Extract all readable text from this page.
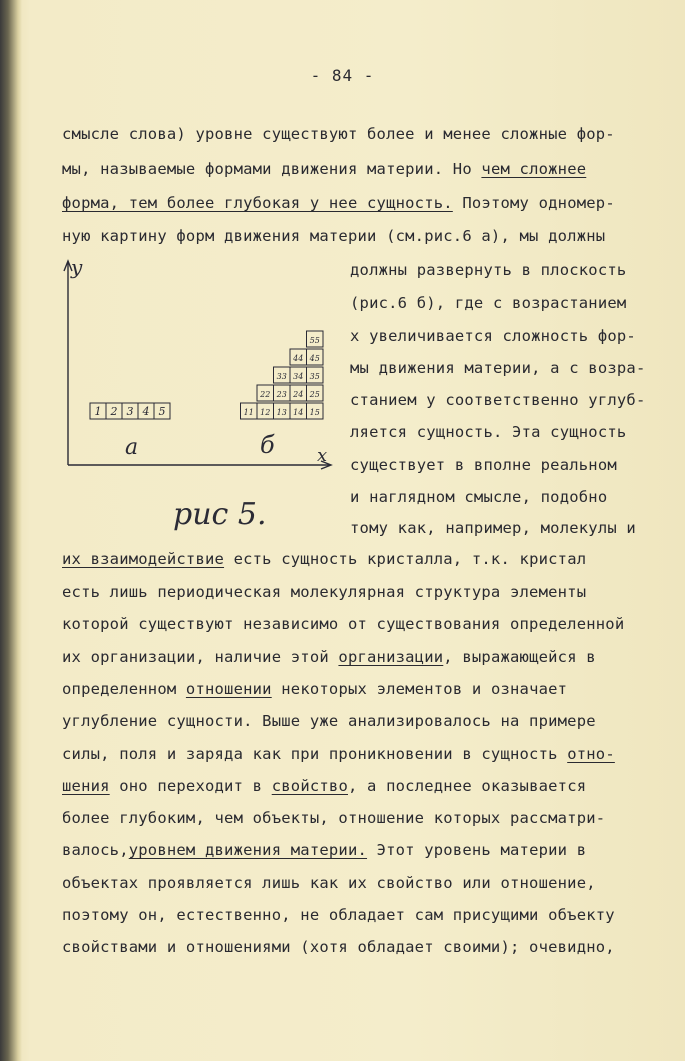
- 84 -
смысле слова) уровне существуют более и менее сложные фор-
мы, называемые формами движения материи. Но чем сложнее
форма, тем более глубокая у нее сущность. Поэтому одномер-
ную картину форм движения материи (см.рис.6 а), мы должны
должны развернуть в плоскость
(рис.6 б), где с возрастанием
х увеличивается сложность фор-
мы движения материи, а с возра-
станием у соответственно углуб-
ляется сущность. Эта сущность
существует в вполне реальном
и наглядном смысле, подобно
тому как, например, молекулы и
их взаимодействие есть сущность кристалла, т.к. кристал
есть лишь периодическая молекулярная структура элементы
которой существуют независимо от существования определенной
их организации, наличие этой организации, выражающейся в
определенном отношении некоторых элементов и означает
углубление сущности. Выше уже анализировалось на примере
силы, поля и заряда как при проникновении в сущность отно-
шения оно переходит в свойство, а последнее оказывается
более глубоким, чем объекты, отношение которых рассматри-
валось,уровнем движения материи. Этот уровень материи в
объектах проявляется лишь как их свойство или отношение,
поэтому он, естественно, не обладает сам присущими объекту
свойствами и отношениями (хотя обладает своими); очевидно,
1 2 3 4 5	11 12 13 14 15
22 23 24 25
33 34 35
44 45
55
y
x
a	б
рис 5.
